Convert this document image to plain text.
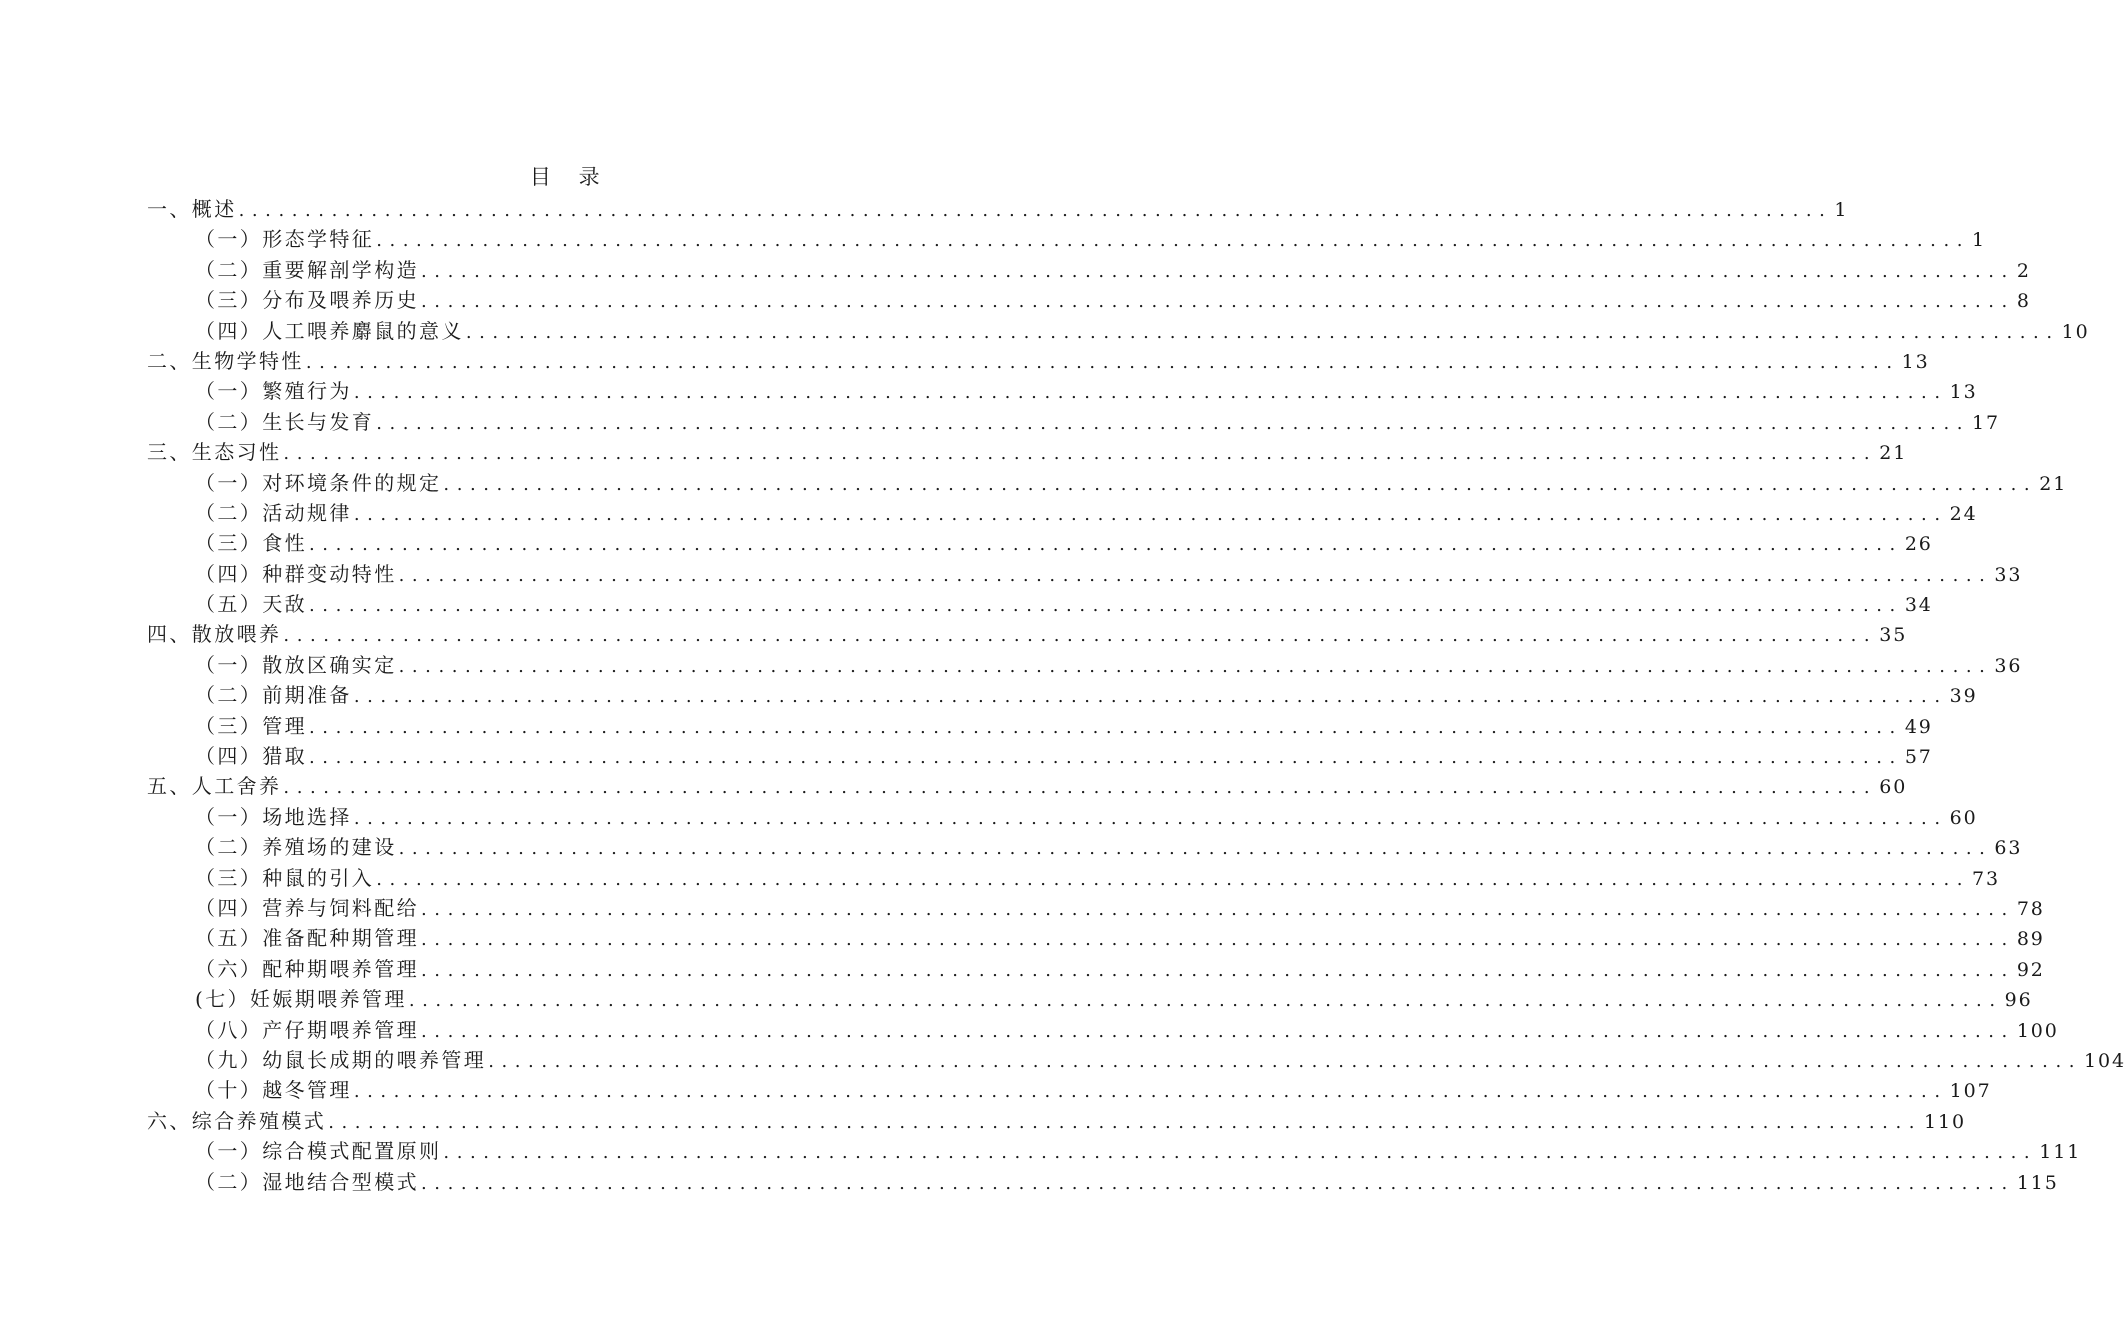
目 录
一、概述 ........................................................................................................................ 1
（一）形态学特征 ........................................................................................................................ 1
（二）重要解剖学构造 ........................................................................................................................ 2
（三）分布及喂养历史 ........................................................................................................................ 8
（四）人工喂养麝鼠的意义 ........................................................................................................................ 10
二、生物学特性 ........................................................................................................................ 13
（一）繁殖行为 ........................................................................................................................ 13
（二）生长与发育 ........................................................................................................................ 17
三、生态习性 ........................................................................................................................ 21
（一）对环境条件的规定 ........................................................................................................................ 21
（二）活动规律 ........................................................................................................................ 24
（三）食性 ........................................................................................................................ 26
（四）种群变动特性 ........................................................................................................................ 33
（五）天敌 ........................................................................................................................ 34
四、散放喂养 ........................................................................................................................ 35
（一）散放区确实定 ........................................................................................................................ 36
（二）前期准备 ........................................................................................................................ 39
（三）管理 ........................................................................................................................ 49
（四）猎取 ........................................................................................................................ 57
五、人工舍养 ........................................................................................................................ 60
（一）场地选择 ........................................................................................................................ 60
（二）养殖场的建设 ........................................................................................................................ 63
（三）种鼠的引入 ........................................................................................................................ 73
（四）营养与饲料配给 ........................................................................................................................ 78
（五）准备配种期管理 ........................................................................................................................ 89
（六）配种期喂养管理 ........................................................................................................................ 92
(七）妊娠期喂养管理 ........................................................................................................................ 96
（八）产仔期喂养管理 ........................................................................................................................ 100
（九）幼鼠长成期的喂养管理 ........................................................................................................................ 104
（十）越冬管理 ........................................................................................................................ 107
六、综合养殖模式 ........................................................................................................................ 110
（一）综合模式配置原则 ........................................................................................................................ 111
（二）湿地结合型模式 ........................................................................................................................ 115
